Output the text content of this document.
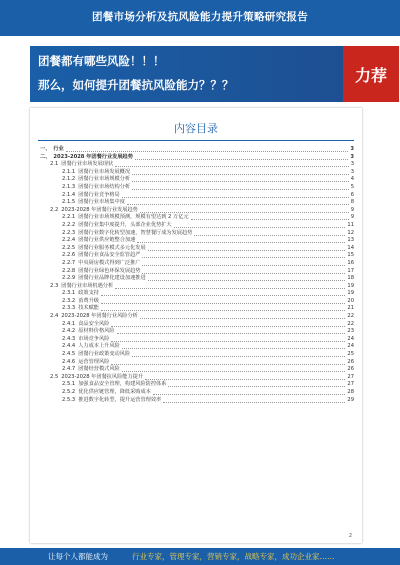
团餐市场分析及抗风险能力提升策略研究报告
团餐都有哪些风险！！！
那么，如何提升团餐抗风险能力？？？
力荐
内容目录
一、 行业	3
二、 2023-2028 年团餐行业发展趋势	3
2.1 团餐行业市场发展现状	3
2.1.1 团餐行业市场发展概况	3
2.1.2 团餐行业市场规模分析	4
2.1.3 团餐行业市场结构分析	5
2.1.4 团餐行业竞争格局	6
2.1.5 团餐行业市场集中度	8
2.2 2023-2028 年团餐行业发展趋势	9
2.2.1 团餐行业市场规模预测，规模有望达到 2 万亿元	9
2.2.2 团餐行业集中度提升，头部企业优势扩大	11
2.2.3 团餐行业数字化转型加速，智慧餐厅成为发展趋势	12
2.2.4 团餐行业供应链整合加速	13
2.2.5 团餐行业服务模式多元化发展	14
2.2.6 团餐行业食品安全监管趋严	15
2.2.7 中央厨房模式得到广泛推广	16
2.2.8 团餐行业绿色环保发展趋势	17
2.2.9 团餐行业品牌化建设加速推进	18
2.3 团餐行业市场机遇分析	19
2.3.1 政策支持	19
2.3.2 消费升级	20
2.3.3 技术赋能	21
2.4 2023-2028 年团餐行业风险分析	22
2.4.1 食品安全风险	22
2.4.2 原材料价格风险	23
2.4.3 市场竞争风险	24
2.4.4 人力成本上升风险	24
2.4.5 团餐行业政策变动风险	25
2.4.6 运营管理风险	26
2.4.7 团餐经营模式风险	26
2.5 2023-2028 年团餐抗风险能力提升	27
2.5.1 加强食品安全管理，构建风险防控体系	27
2.5.2 优化供应链管理，降低采购成本	28
2.5.3 推进数字化转型，提升运营管理效率	29
2
让每个人都能成为	行业专家，管理专家，营销专家，战略专家，成功企业家……
